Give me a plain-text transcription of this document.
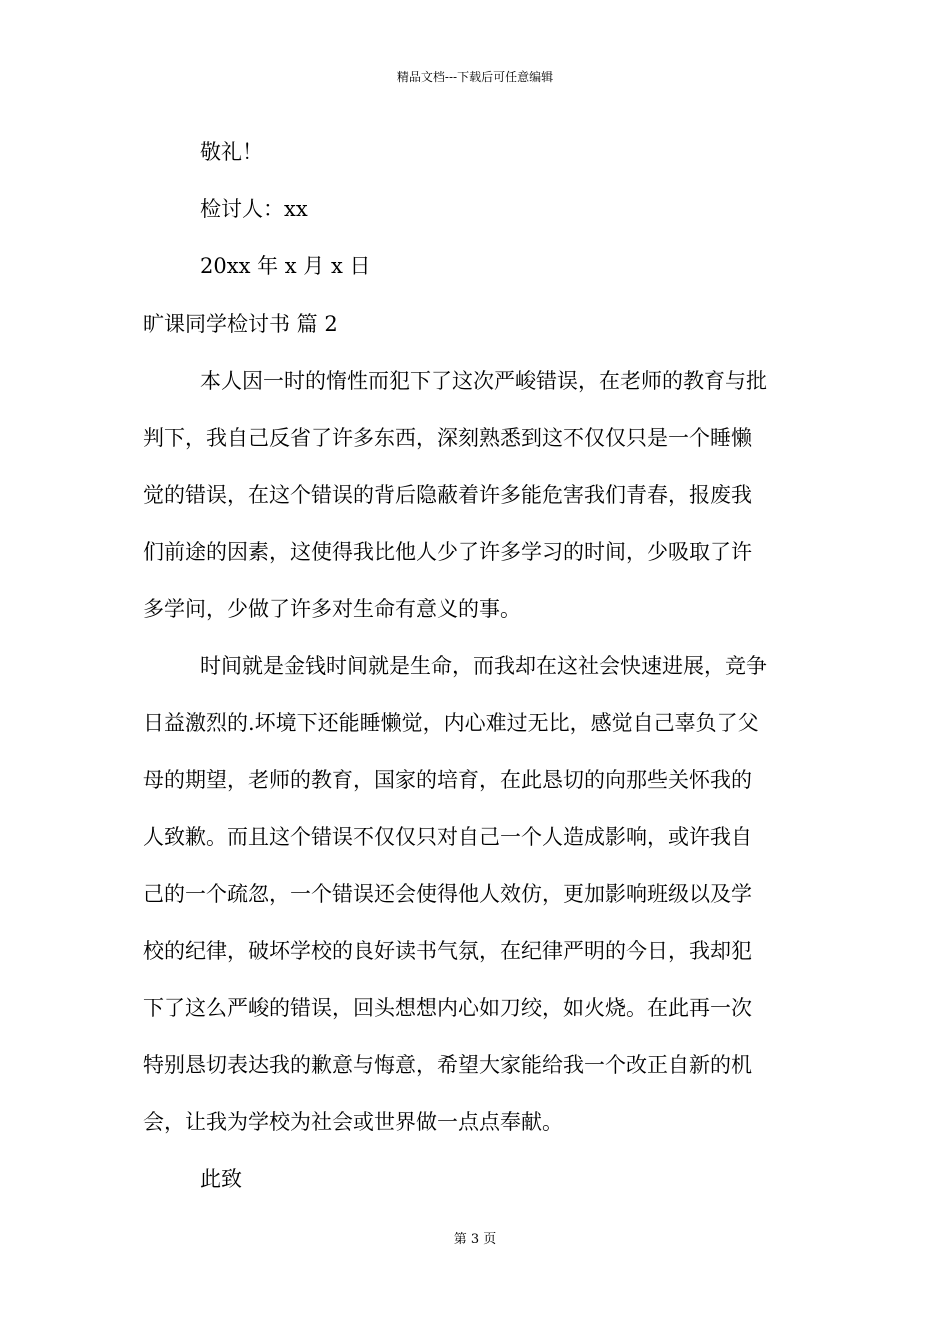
精品文档---下载后可任意编辑
敬礼！
检讨人：xx
20xx 年 x 月 x 日
旷课同学检讨书 篇 2
本人因一时的惰性而犯下了这次严峻错误，在老师的教育与批
判下，我自己反省了许多东西，深刻熟悉到这不仅仅只是一个睡懒
觉的错误，在这个错误的背后隐蔽着许多能危害我们青春，报废我
们前途的因素，这使得我比他人少了许多学习的时间，少吸取了许
多学问，少做了许多对生命有意义的事。
时间就是金钱时间就是生命，而我却在这社会快速进展，竞争
日益激烈的.坏境下还能睡懒觉，内心难过无比，感觉自己辜负了父
母的期望，老师的教育，国家的培育，在此恳切的向那些关怀我的
人致歉。而且这个错误不仅仅只对自己一个人造成影响，或许我自
己的一个疏忽，一个错误还会使得他人效仿，更加影响班级以及学
校的纪律，破坏学校的良好读书气氛，在纪律严明的今日，我却犯
下了这么严峻的错误，回头想想内心如刀绞，如火烧。在此再一次
特别恳切表达我的歉意与悔意，希望大家能给我一个改正自新的机
会，让我为学校为社会或世界做一点点奉献。
此致
第 3 页
